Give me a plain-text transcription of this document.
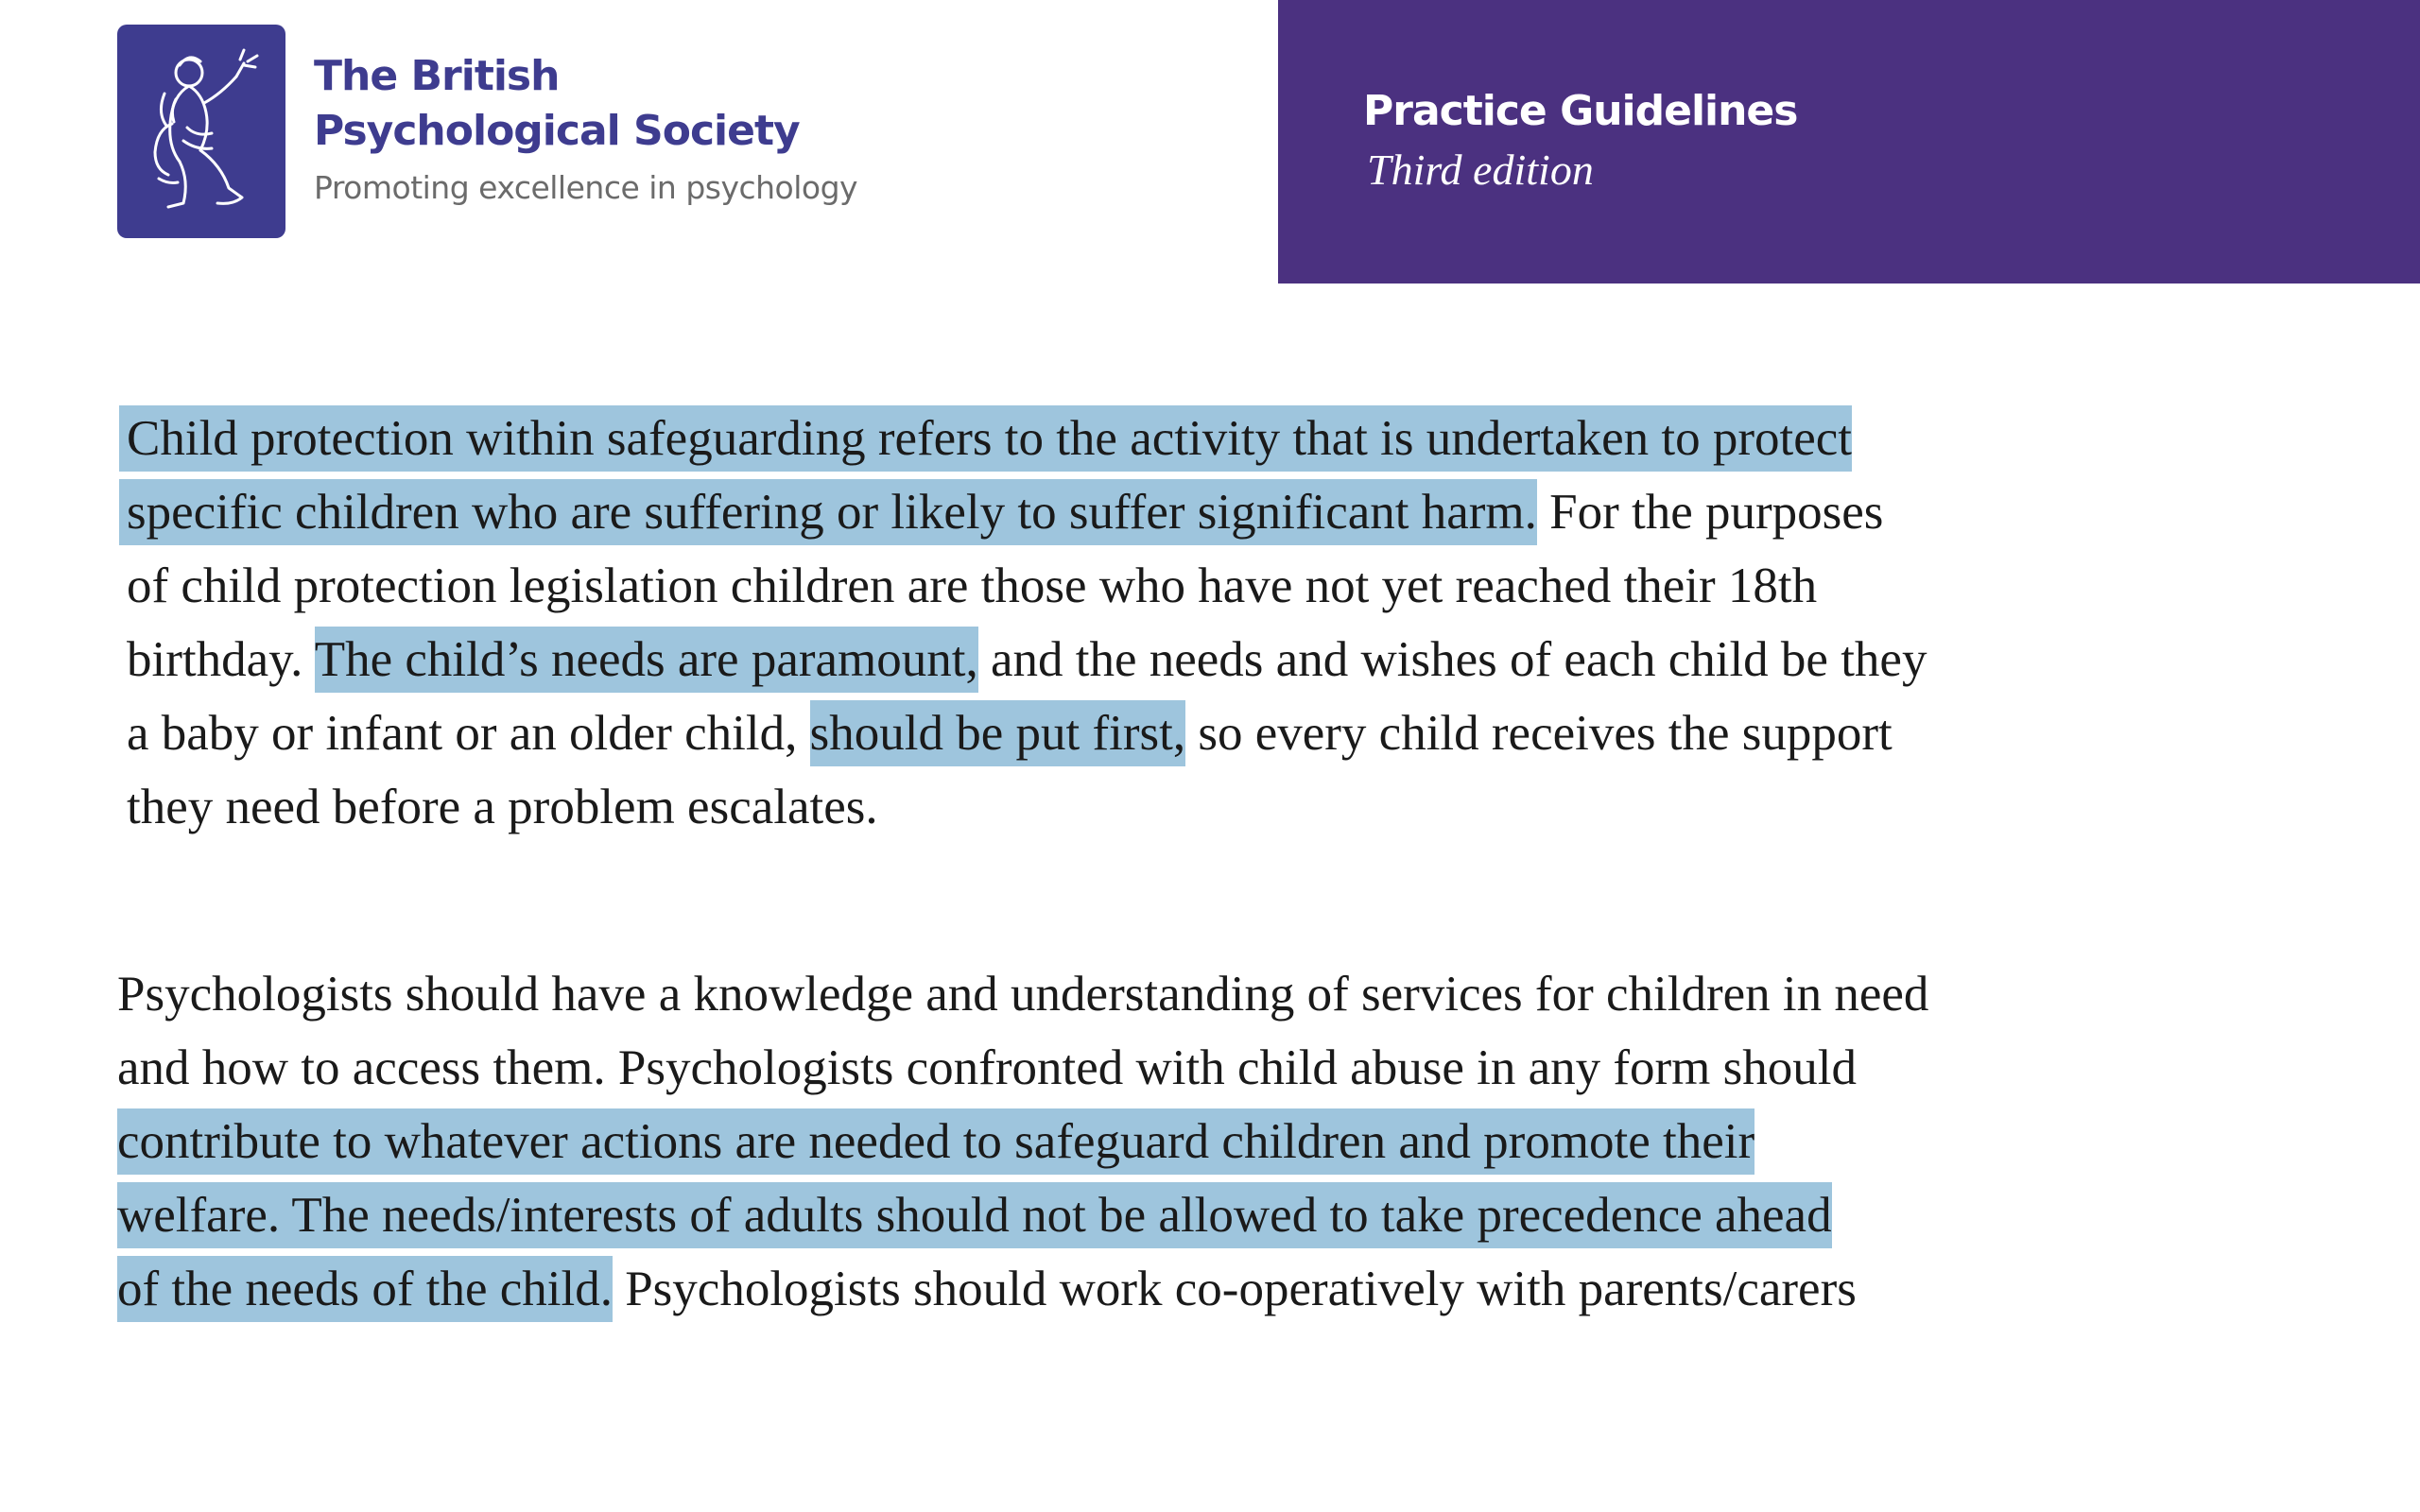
The British
Psychological Society
Promoting excellence in psychology
Practice Guidelines
Third edition
Child protection within safeguarding refers to the activity that is undertaken to protect
specific children who are suffering or likely to suffer significant harm. For the purposes
of child protection legislation children are those who have not yet reached their 18th
birthday. The child’s needs are paramount, and the needs and wishes of each child be they
a baby or infant or an older child, should be put first, so every child receives the support
they need before a problem escalates.
Psychologists should have a knowledge and understanding of services for children in need
and how to access them. Psychologists confronted with child abuse in any form should
contribute to whatever actions are needed to safeguard children and promote their
welfare. The needs/interests of adults should not be allowed to take precedence ahead
of the needs of the child. Psychologists should work co-operatively with parents/carers
